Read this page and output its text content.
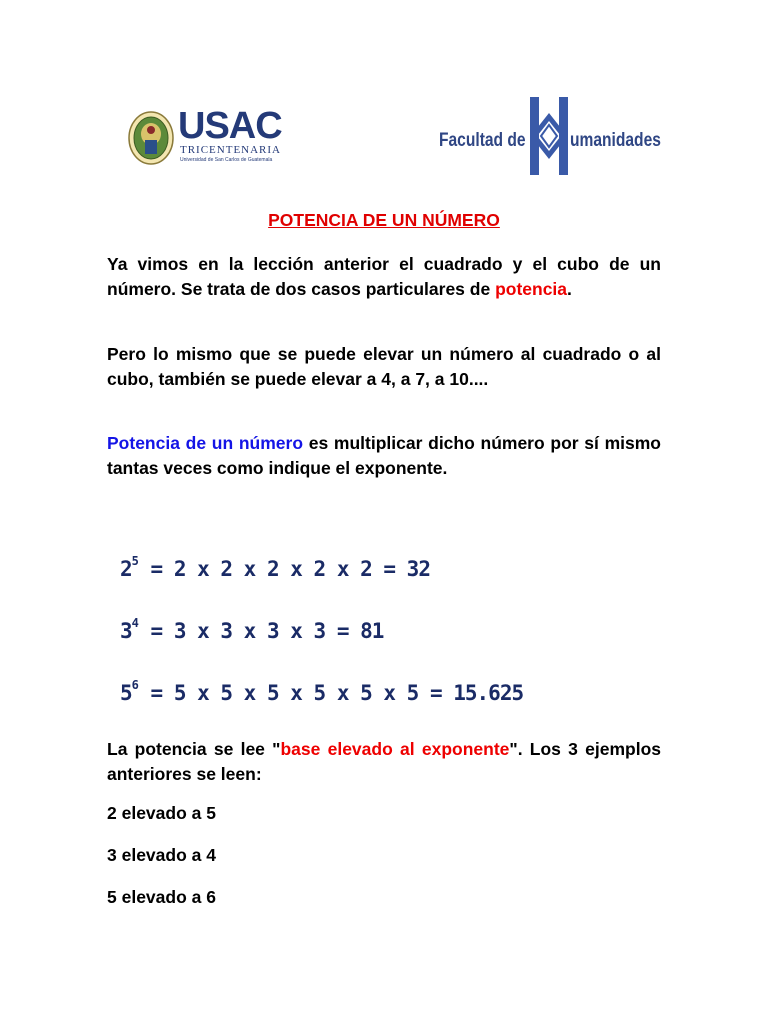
USAC
TRICENTENARIA
Universidad de San Carlos de Guatemala
Facultad de umanidades
POTENCIA DE UN NÚMERO

Ya vimos en la lección anterior el cuadrado y el cubo de un número. Se trata de dos casos particulares de potencia.

Pero lo mismo que se puede elevar un número al cuadrado o al cubo, también se puede elevar a 4, a 7, a 10....

Potencia de un número es multiplicar dicho número por sí mismo tantas veces como indique el exponente.

$2^5 = 2$ x 2 x 2 x 2 x 2 = 32
$3^4 = 3$ x 3 x 3 x 3 = 81
$5^6 = 5$ x 5 x 5 x 5 x 5 x 5 = 15.625

La potencia se lee "base elevado al exponente". Los 3 ejemplos anteriores se leen:

2 elevado a 5
3 elevado a 4
5 elevado a 6
